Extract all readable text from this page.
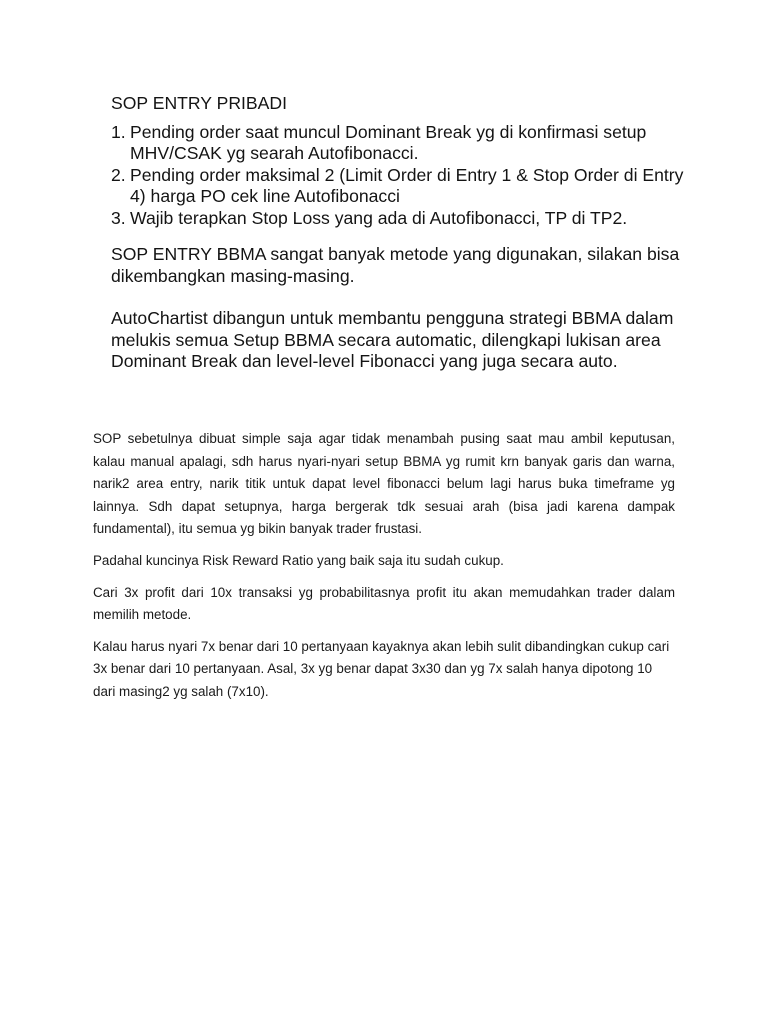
SOP ENTRY PRIBADI
1. Pending order saat muncul Dominant Break yg di konfirmasi setup MHV/CSAK yg searah Autofibonacci.
2. Pending order maksimal 2 (Limit Order di Entry 1 & Stop Order di Entry 4) harga PO cek line Autofibonacci
3. Wajib terapkan Stop Loss yang ada di Autofibonacci, TP di TP2.

SOP ENTRY BBMA sangat banyak metode yang digunakan, silakan bisa dikembangkan masing-masing.

AutoChartist dibangun untuk membantu pengguna strategi BBMA dalam melukis semua Setup BBMA secara automatic, dilengkapi lukisan area Dominant Break dan level-level Fibonacci yang juga secara auto.

SOP sebetulnya dibuat simple saja agar tidak menambah pusing saat mau ambil keputusan, kalau manual apalagi, sdh harus nyari-nyari setup BBMA yg rumit krn banyak garis dan warna, narik2 area entry, narik titik untuk dapat level fibonacci belum lagi harus buka timeframe yg lainnya. Sdh dapat setupnya, harga bergerak tdk sesuai arah (bisa jadi karena dampak fundamental), itu semua yg bikin banyak trader frustasi.

Padahal kuncinya Risk Reward Ratio yang baik saja itu sudah cukup.

Cari 3x profit dari 10x transaksi yg probabilitasnya profit itu akan memudahkan trader dalam memilih metode.

Kalau harus nyari 7x benar dari 10 pertanyaan kayaknya akan lebih sulit dibandingkan cukup cari 3x benar dari 10 pertanyaan. Asal, 3x yg benar dapat 3x30 dan yg 7x salah hanya dipotong 10 dari masing2 yg salah (7x10).
